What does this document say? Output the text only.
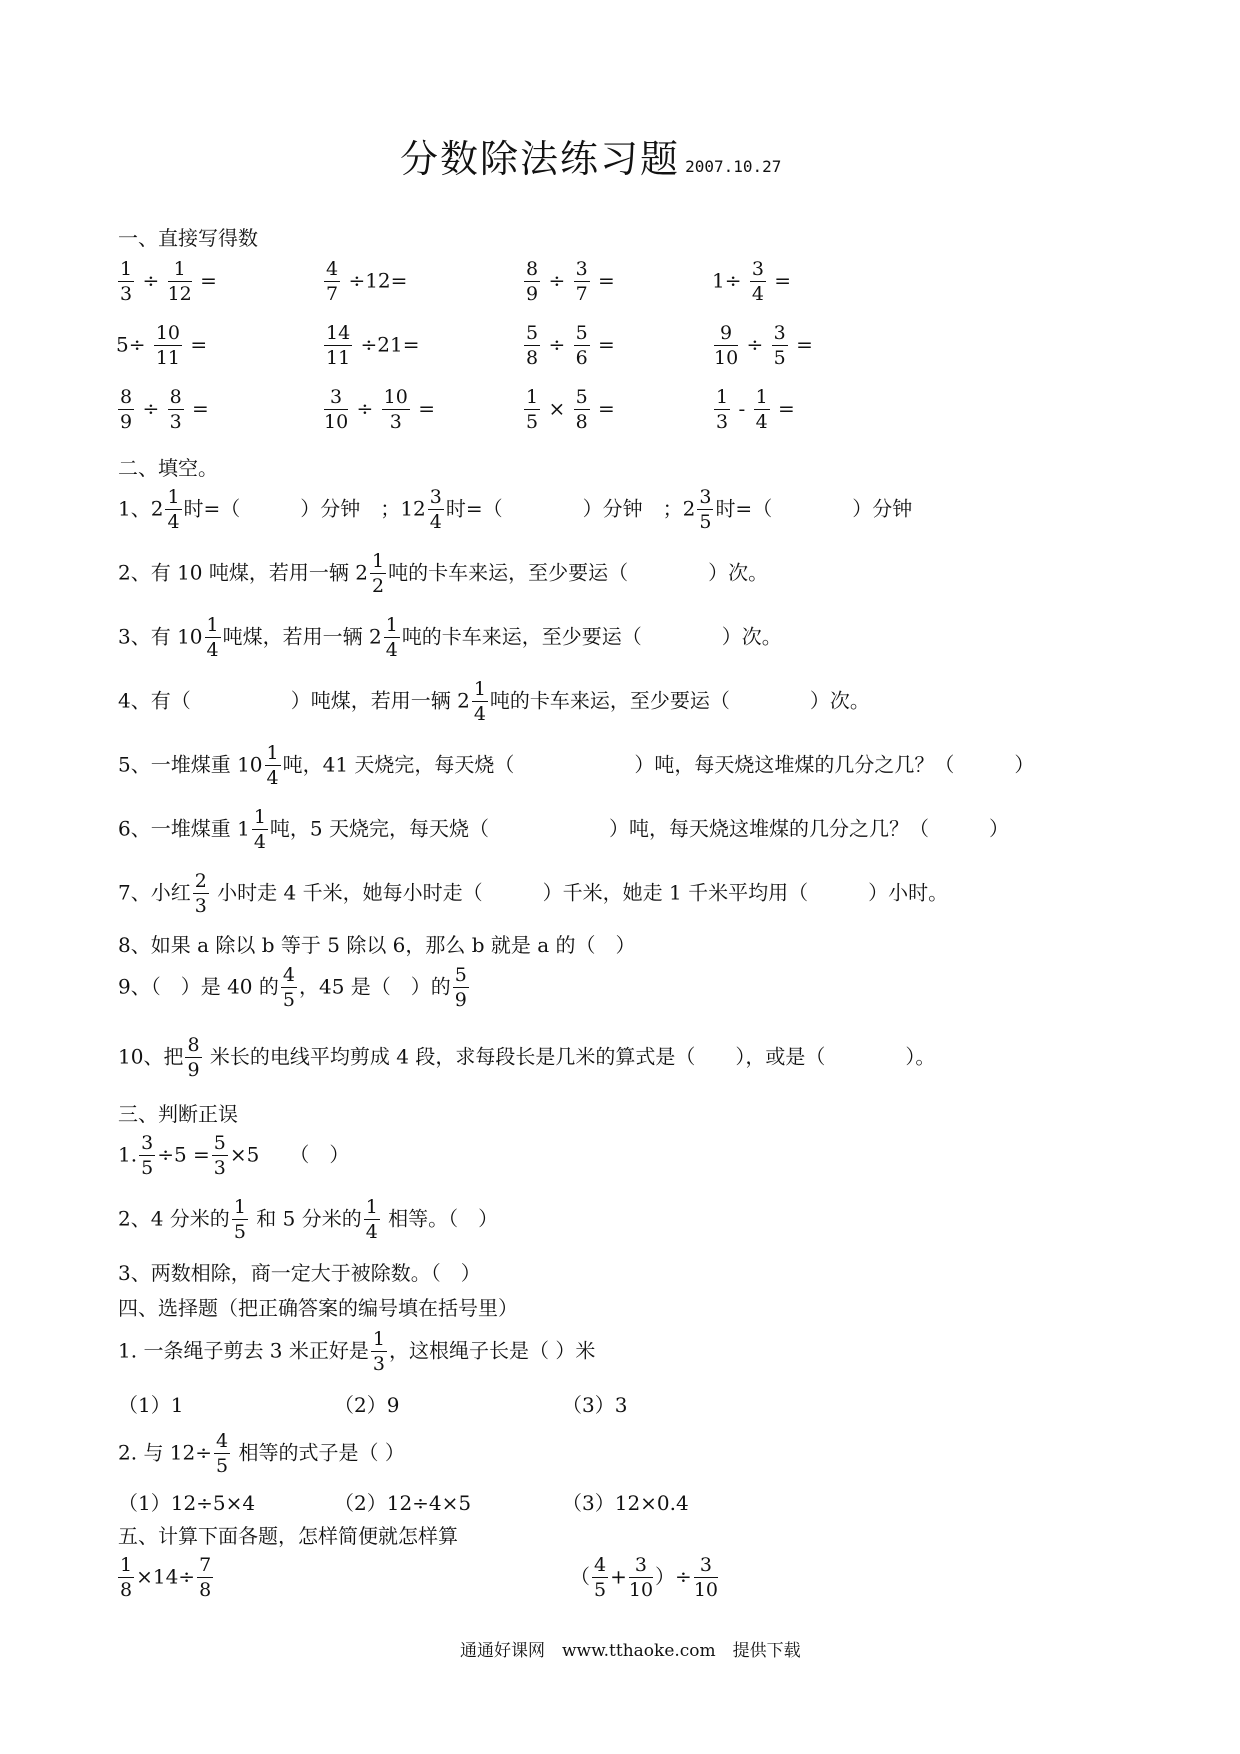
分数除法练习题 2007.10.27
一、直接写得数
$\frac{1}{3} \div \frac{1}{12}$ =	$\frac{4}{7} \div 12=$	$\frac{8}{9} \div \frac{3}{7}$ =	$1\div \frac{3}{4}$ =
$5\div \frac{10}{11}$ =	$\frac{14}{11} \div 21=$	$\frac{5}{8} \div \frac{5}{6}$ =	$\frac{9}{10} \div \frac{3}{5}$ =
$\frac{8}{9} \div \frac{8}{3}$ =	$\frac{3}{10} \div \frac{10}{3}$ =	$\frac{1}{5} \times \frac{5}{8}$ =	$\frac{1}{3} - \frac{1}{4}$ =
二、填空。
1、$2 \frac{1}{4}$ 时=（　　　）分钟　；$12 \frac{3}{4}$ 时=（　　　　）分钟　；$2 \frac{3}{5}$ 时=（　　　　）分钟
2、有 10 吨煤，若用一辆 $2 \frac{1}{2}$ 吨的卡车来运，至少要运（　　　　）次。
3、有 $10 \frac{1}{4}$ 吨煤，若用一辆 $2 \frac{1}{4}$ 吨的卡车来运，至少要运（　　　　）次。
4、有（　　　　　）吨煤，若用一辆 $2 \frac{1}{4}$ 吨的卡车来运，至少要运（　　　　）次。
5、一堆煤重 $10 \frac{1}{4}$ 吨，41 天烧完，每天烧（　　　　　　）吨，每天烧这堆煤的几分之几？（　　　）
6、一堆煤重 $1 \frac{1}{4}$ 吨，5 天烧完，每天烧（　　　　　　）吨，每天烧这堆煤的几分之几？（　　　）
7、小红 $\frac{2}{3}$ 小时走 4 千米，她每小时走（　　　）千米，她走 1 千米平均用（　　　）小时。
8、如果 a 除以 b 等于 5 除以 6，那么 b 就是 a 的（　）
9、（　）是 40 的 $\frac{4}{5}$ ，45 是（　）的 $\frac{5}{9}$
10、把 $\frac{8}{9}$ 米长的电线平均剪成 4 段，求每段长是几米的算式是（　　），或是（　　　　）。
三、判断正误
1. $\frac{3}{5} \div 5 = \frac{5}{3} \times 5$　　（　）
2、4 分米的 $\frac{1}{5}$ 和 5 分米的 $\frac{1}{4}$ 相等。（　）
3、两数相除，商一定大于被除数。（　）
四、选择题（把正确答案的编号填在括号里）
1. 一条绳子剪去 3 米正好是 $\frac{1}{3}$ ，这根绳子长是（ ）米
（1）1	（2）9	（3）3
2. 与 $12\div \frac{4}{5}$ 相等的式子是（ ）
（1）12÷5×4	（2）12÷4×5	（3）12×0.4
五、计算下面各题，怎样简便就怎样算
$\frac{1}{8} \times 14\div \frac{7}{8}$	（ $\frac{4}{5} + \frac{3}{10}$ ）÷ $\frac{3}{10}$
通通好课网　www.tthaoke.com　提供下载
